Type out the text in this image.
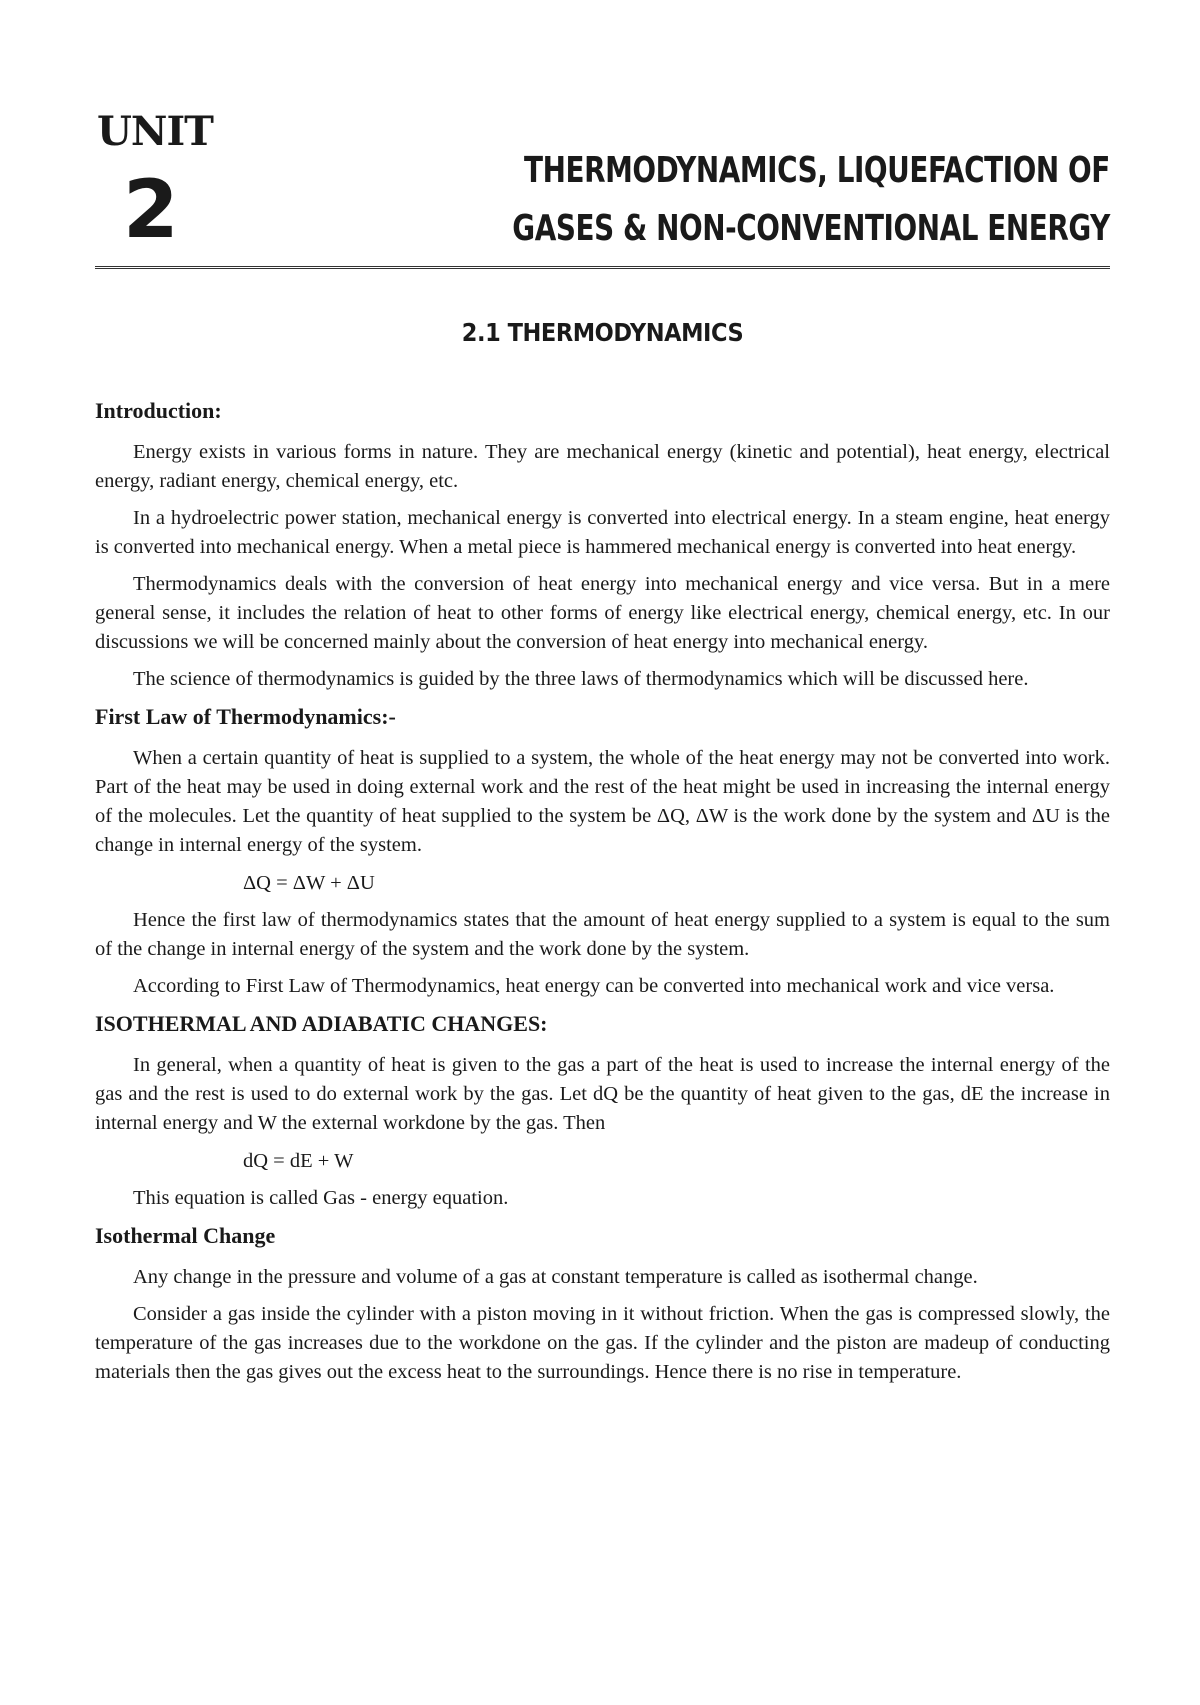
UNIT
2	THERMODYNAMICS, LIQUEFACTION OF
GASES & NON-CONVENTIONAL ENERGY
2.1 THERMODYNAMICS
Introduction:

Energy exists in various forms in nature. They are mechanical energy (kinetic and potential), heat energy, electrical energy, radiant energy, chemical energy, etc.

In a hydroelectric power station, mechanical energy is converted into electrical energy. In a steam engine, heat energy is converted into mechanical energy. When a metal piece is hammered mechanical energy is converted into heat energy.

Thermodynamics deals with the conversion of heat energy into mechanical energy and vice versa. But in a mere general sense, it includes the relation of heat to other forms of energy like electrical energy, chemical energy, etc. In our discussions we will be concerned mainly about the conversion of heat energy into mechanical energy.

The science of thermodynamics is guided by the three laws of thermodynamics which will be discussed here.

First Law of Thermodynamics:-

When a certain quantity of heat is supplied to a system, the whole of the heat energy may not be converted into work. Part of the heat may be used in doing external work and the rest of the heat might be used in increasing the internal energy of the molecules. Let the quantity of heat supplied to the system be ΔQ, ΔW is the work done by the system and ΔU is the change in internal energy of the system.

ΔQ = ΔW + ΔU

Hence the first law of thermodynamics states that the amount of heat energy supplied to a system is equal to the sum of the change in internal energy of the system and the work done by the system.

According to First Law of Thermodynamics, heat energy can be converted into mechanical work and vice versa.

ISOTHERMAL AND ADIABATIC CHANGES:

In general, when a quantity of heat is given to the gas a part of the heat is used to increase the internal energy of the gas and the rest is used to do external work by the gas. Let dQ be the quantity of heat given to the gas, dE the increase in internal energy and W the external workdone by the gas. Then

dQ = dE + W

This equation is called Gas - energy equation.

Isothermal Change

Any change in the pressure and volume of a gas at constant temperature is called as isothermal change.

Consider a gas inside the cylinder with a piston moving in it without friction. When the gas is compressed slowly, the temperature of the gas increases due to the workdone on the gas. If the cylinder and the piston are madeup of conducting materials then the gas gives out the excess heat to the surroundings. Hence there is no rise in temperature.
